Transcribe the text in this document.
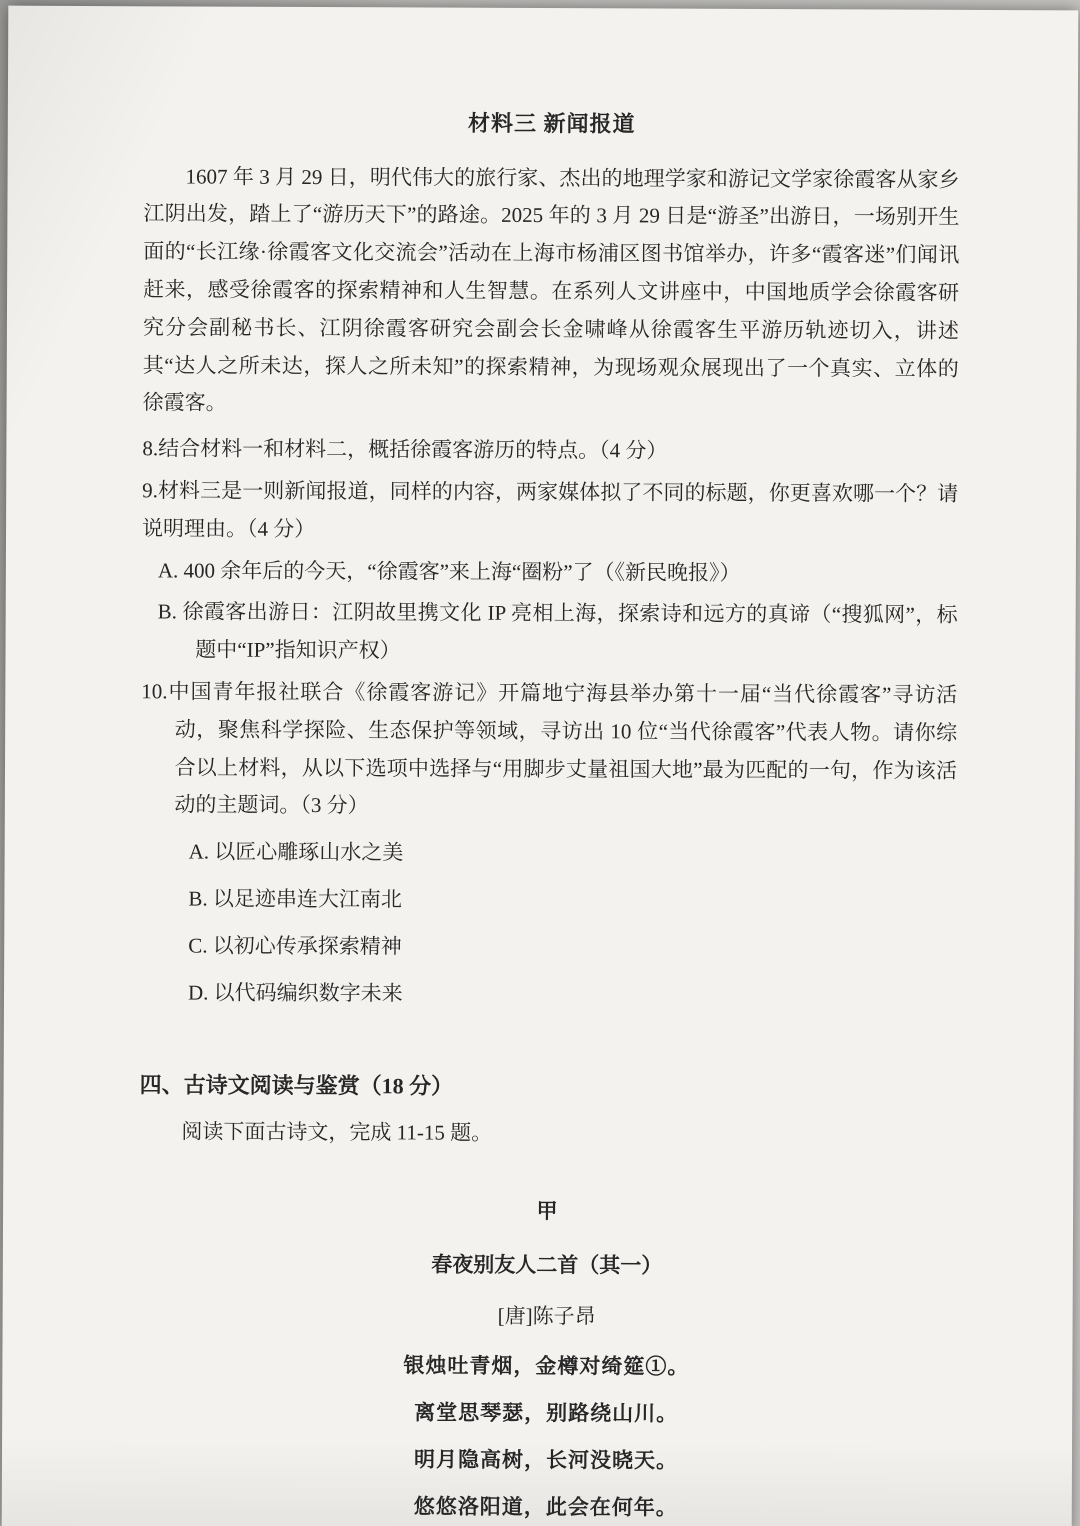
材料三 新闻报道

1607 年 3 月 29 日，明代伟大的旅行家、杰出的地理学家和游记文学家徐霞客从家乡江阴出发，踏上了“游历天下”的路途。2025 年的 3 月 29 日是“游圣”出游日，一场别开生面的“长江缘·徐霞客文化交流会”活动在上海市杨浦区图书馆举办，许多“霞客迷”们闻讯赶来，感受徐霞客的探索精神和人生智慧。在系列人文讲座中，中国地质学会徐霞客研究分会副秘书长、江阴徐霞客研究会副会长金啸峰从徐霞客生平游历轨迹切入，讲述其“达人之所未达，探人之所未知”的探索精神，为现场观众展现出了一个真实、立体的徐霞客。

8.结合材料一和材料二，概括徐霞客游历的特点。（4 分）

9.材料三是一则新闻报道，同样的内容，两家媒体拟了不同的标题，你更喜欢哪一个？请说明理由。（4 分）

A. 400 余年后的今天，“徐霞客”来上海“圈粉”了（《新民晚报》）

B. 徐霞客出游日：江阴故里携文化 IP 亮相上海，探索诗和远方的真谛（“搜狐网”，标题中“IP”指知识产权）

10.中国青年报社联合《徐霞客游记》开篇地宁海县举办第十一届“当代徐霞客”寻访活动，聚焦科学探险、生态保护等领域，寻访出 10 位“当代徐霞客”代表人物。请你综合以上材料，从以下选项中选择与“用脚步丈量祖国大地”最为匹配的一句，作为该活动的主题词。（3 分）

A. 以匠心雕琢山水之美

B. 以足迹串连大江南北

C. 以初心传承探索精神

D. 以代码编织数字未来

四、古诗文阅读与鉴赏（18 分）

阅读下面古诗文，完成 11-15 题。

甲
春夜别友人二首（其一）
[唐]陈子昂
银烛吐青烟，金樽对绮筵①。
离堂思琴瑟，别路绕山川。
明月隐高树，长河没晓天。
悠悠洛阳道，此会在何年。
